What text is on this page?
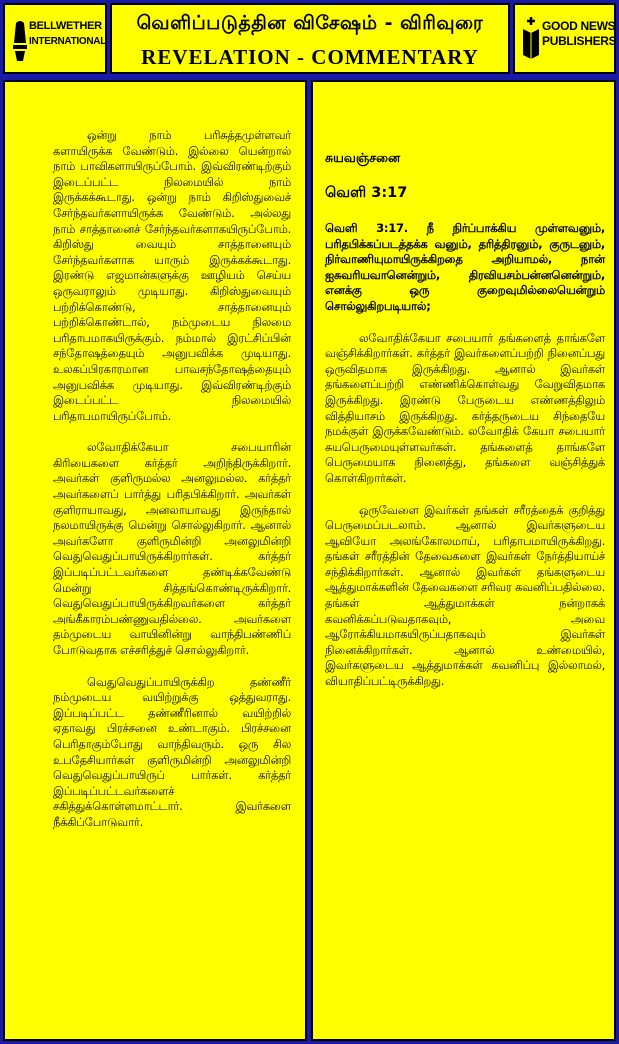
BELLWETHER
INTERNATIONAL
வெளிப்படுத்தின விசேஷம் - விரிவுரை
REVELATION - COMMENTARY
GOOD NEWS
PUBLISHERS

ஒன்று நாம் பரிசுத்தமுள்ளவர் களாயிருக்க வேண்டும். இல்லை யென்றால் நாம் பாவிகளாயிருப்போம். இவ்விரண்டிற்கும் இடைப்பட்ட நிலமையில் நாம் இருக்கக்கூடாது. ஒன்று நாம் கிறிஸ்துவைச் சேர்ந்தவர்களாயிருக்க வேண்டும். அல்லது நாம் சாத்தானைச் சேர்ந்தவர்களாகயிருப்போம். கிறிஸ்து வையும் சாத்தானையும் சேர்ந்தவர்களாக யாரும் இருக்கக்கூடாது. இரண்டு எஜமான்களுக்கு ஊழியம் செய்ய ஒருவராலும் முடியாது. கிறிஸ்துவையும் பற்றிக்கொண்டு, சாத்தானையும் பற்றிக்கொண்டால், நம்முடைய நிலமை பரிதாபமாகயிருக்கும். நம்மால் இரட்சிப்பின் சந்தோஷத்தையும் அனுபவிக்க முடியாது. உலகப்பிரகாரமான பாவசந்தோஷத்தையும் அனுபவிக்க முடியாது. இவ்விரண்டிற்கும் இடைப்பட்ட நிலமையில் பரிதாபமாயிருப்போம்.

லவோதிக்கேயா சபையாரின் கிரியைகளை கர்த்தர் அறிந்திருக்கிறார். அவர்கள் குளிருமல்ல அனலுமல்ல. கர்த்தர் அவர்களைப் பார்த்து பரிதபிக்கிறார். அவர்கள் குளிராயாவது, அனலாயாவது இருந்தால் நலமாயிருக்கு மென்று சொல்லுகிறார். ஆனால் அவர்களோ குளிருமின்றி அனலுமின்றி வெதுவெதுப்பாயிருக்கிறார்கள். கர்த்தர் இப்படிப்பட்டவர்களை தண்டிக்கவேண்டு மென்று சித்தங்கொண்டிருக்கிறார். வெதுவெதுப்பாயிருக்கிறவர்களை கர்த்தர் அங்கீகாரம்பண்ணுவதில்லை. அவர்களை தம்முடைய வாயினின்று வாந்திபண்ணிப் போடுவதாக எச்சரித்துச் சொல்லுகிறார்.

வெதுவெதுப்பாயிருக்கிற தண்ணீர் நம்முடைய வயிற்றுக்கு ஒத்துவராது. இப்படிப்பட்ட தண்ணீரினால் வயிற்றில் ஏதாவது பிரச்சனை உண்டாகும். பிரச்சனை பெரிதாகும்போது வாந்திவரும். ஒரு சில உபதேசியார்கள் குளிருமின்றி அனலுமின்றி வெதுவெதுப்பாயிருப் பார்கள். கர்த்தர் இப்படிப்பட்டவர்களைச் சகித்துக்கொள்ளமாட்டார். இவர்களை நீக்கிப்போடுவார்.

சுயவஞ்சனை

வெளி 3:17

வெளி 3:17. நீ நிர்ப்பாக்கிய முள்ளவனும், பரிதபிக்கப்படத்தக்க வனும், தரித்திரனும், குருடனும், நிர்வாணியுமாயிருக்கிறதை அறியாமல், நான் ஐசுவரியவானென்றும், திரவியசம்பன்னனென்றும், எனக்கு ஒரு குறைவுமில்லையென்றும் சொல்லுகிறபடியால்;

லவோதிக்கேயா சபையார் தங்களைத் தாங்களே வஞ்சிக்கிறார்கள். கர்த்தர் இவர்களைப்பற்றி நினைப்பது ஒருவிதமாக இருக்கிறது. ஆனால் இவர்கள் தங்களைப்பற்றி எண்ணிக்கொள்வது வேறுவிதமாக இருக்கிறது. இரண்டு பேருடைய எண்ணத்திலும் வித்தியாசம் இருக்கிறது. கர்த்தருடைய சிந்தையே நமக்குள் இருக்கவேண்டும். லவோதிக் கேயா சபையார் சுயபெருமையுள்ளவர்கள். தங்களைத் தாங்களே பெருமையாக நினைத்து, தங்களை வஞ்சித்துக் கொள்கிறார்கள்.

ஒருவேளை இவர்கள் தங்கள் சரீரத்தைக் குறித்து பெருமைப்படலாம். ஆனால் இவர்களுடைய ஆவியோ அலங்கோலமாய், பரிதாபமாயிருக்கிறது. தங்கள் சரீரத்தின் தேவைகளை இவர்கள் நேர்த்தியாய்ச் சந்திக்கிறார்கள். ஆனால் இவர்கள் தங்களுடைய ஆத்துமாக்களின் தேவைகளை சரிவர கவனிப்பதில்லை. தங்கள் ஆத்துமாக்கள் நன்றாகக் கவனிக்கப்படுவதாகவும், அவை ஆரோக்கியமாகயிருப்பதாகவும் இவர்கள் நினைக்கிறார்கள். ஆனால் உண்மையில், இவர்களுடைய ஆத்துமாக்கள் கவனிப்பு இல்லாமல், வியாதிப்பட்டிருக்கிறது.
